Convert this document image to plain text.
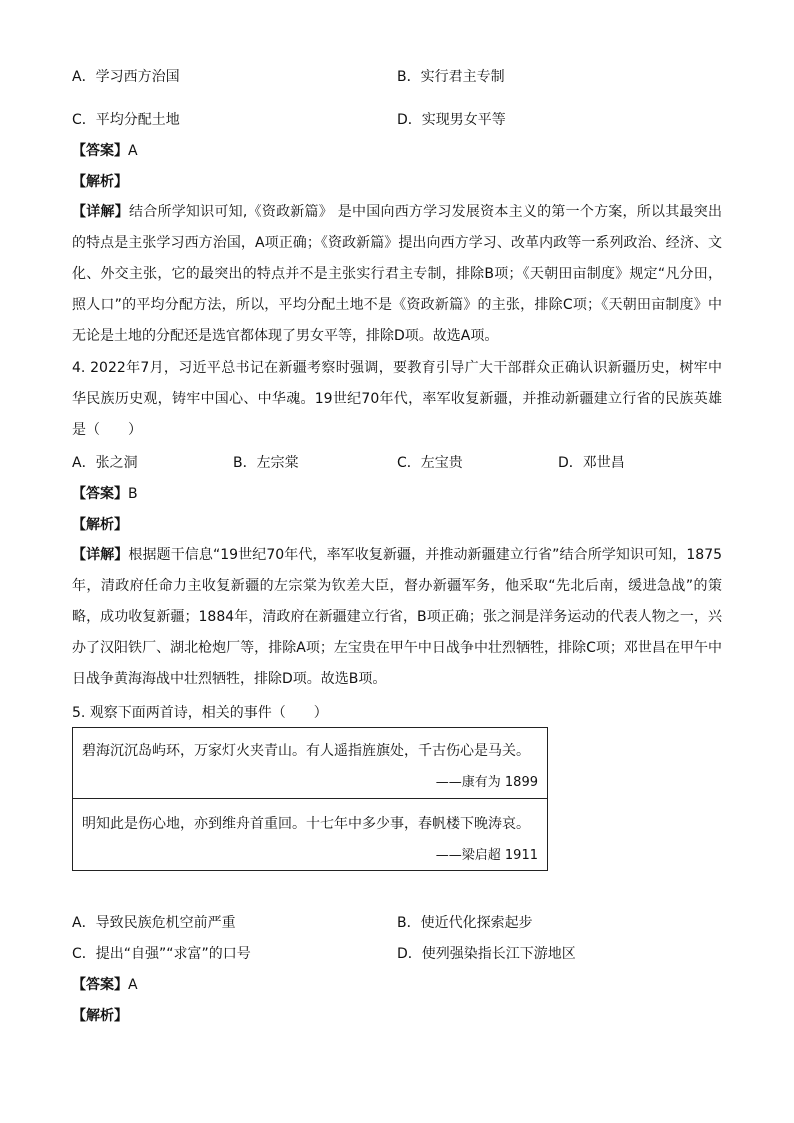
A．学习西方治国	B．实行君主专制
C．平均分配土地	D．实现男女平等
【答案】A
【解析】
【详解】结合所学知识可知,《资政新篇》 是中国向西方学习发展资本主义的第一个方案，所以其最突出的特点是主张学习西方治国，A项正确；《资政新篇》提出向西方学习、改革内政等一系列政治、经济、文化、外交主张，它的最突出的特点并不是主张实行君主专制，排除B项；《天朝田亩制度》规定“凡分田，照人口”的平均分配方法，所以，平均分配土地不是《资政新篇》的主张，排除C项；《天朝田亩制度》中无论是土地的分配还是选官都体现了男女平等，排除D项。故选A项。
4. 2022年7月，习近平总书记在新疆考察时强调，要教育引导广大干部群众正确认识新疆历史，树牢中华民族历史观，铸牢中国心、中华魂。19世纪70年代，率军收复新疆，并推动新疆建立行省的民族英雄是（　　）
A．张之洞	B．左宗棠	C．左宝贵	D．邓世昌
【答案】B
【解析】
【详解】根据题干信息“19世纪70年代，率军收复新疆，并推动新疆建立行省”结合所学知识可知，1875年，清政府任命力主收复新疆的左宗棠为钦差大臣，督办新疆军务，他采取“先北后南，缓进急战”的策略，成功收复新疆；1884年，清政府在新疆建立行省，B项正确；张之洞是洋务运动的代表人物之一，兴办了汉阳铁厂、湖北枪炮厂等，排除A项；左宝贵在甲午中日战争中壮烈牺牲，排除C项；邓世昌在甲午中日战争黄海海战中壮烈牺牲，排除D项。故选B项。
5. 观察下面两首诗，相关的事件（　　）
碧海沉沉岛屿环，万家灯火夹青山。有人遥指旌旗处，千古伤心是马关。
——康有为 1899
明知此是伤心地，亦到维舟首重回。十七年中多少事，春帆楼下晚涛哀。
——梁启超 1911
A．导致民族危机空前严重	B．使近代化探索起步
C．提出“自强”“求富”的口号	D．使列强染指长江下游地区
【答案】A
【解析】
